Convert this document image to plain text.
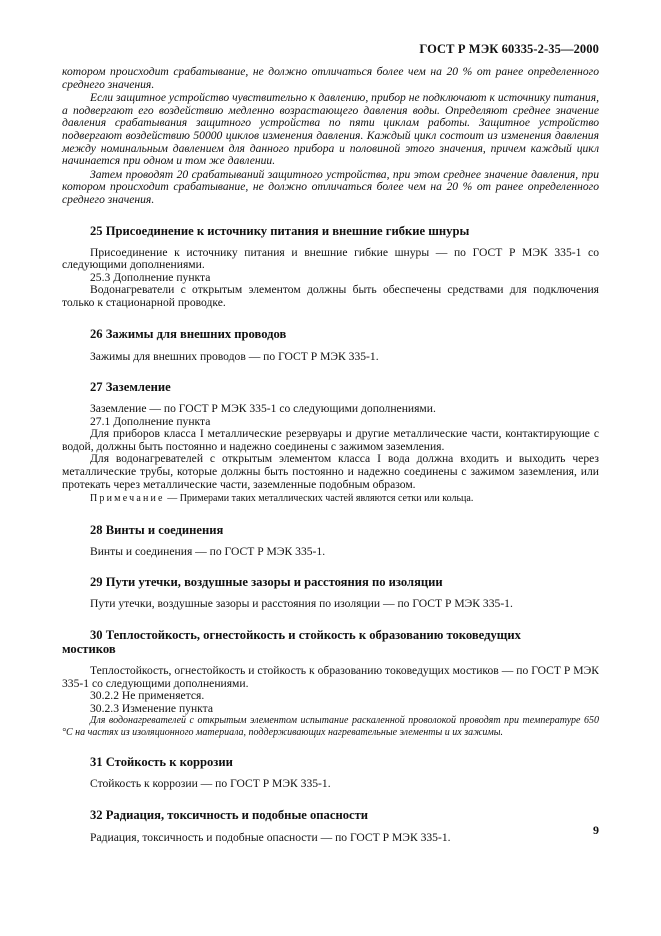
ГОСТ Р МЭК 60335-2-35—2000

котором происходит срабатывание, не должно отличаться более чем на 20 % от ранее определенного среднего значения.

Если защитное устройство чувствительно к давлению, прибор не подключают к источнику питания, а подвергают его воздействию медленно возрастающего давления воды. Определяют среднее значение давления срабатывания защитного устройства по пяти циклам работы. Защитное устройство подвергают воздействию 50000 циклов изменения давления. Каждый цикл состоит из изменения давления между номинальным давлением для данного прибора и половиной этого значения, причем каждый цикл начинается при одном и том же давлении.

Затем проводят 20 срабатываний защитного устройства, при этом среднее значение давления, при котором происходит срабатывание, не должно отличаться более чем на 20 % от ранее определенного среднего значения.

25 Присоединение к источнику питания и внешние гибкие шнуры

Присоединение к источнику питания и внешние гибкие шнуры — по ГОСТ Р МЭК 335-1 со следующими дополнениями.

25.3 Дополнение пункта

Водонагреватели с открытым элементом должны быть обеспечены средствами для подключения только к стационарной проводке.

26 Зажимы для внешних проводов

Зажимы для внешних проводов — по ГОСТ Р МЭК 335-1.

27 Заземление

Заземление — по ГОСТ Р МЭК 335-1 со следующими дополнениями.

27.1 Дополнение пункта

Для приборов класса I металлические резервуары и другие металлические части, контактирующие с водой, должны быть постоянно и надежно соединены с зажимом заземления.

Для водонагревателей с открытым элементом класса I вода должна входить и выходить через металлические трубы, которые должны быть постоянно и надежно соединены с зажимом заземления, или протекать через металлические части, заземленные подобным образом.

Примечание — Примерами таких металлических частей являются сетки или кольца.

28 Винты и соединения

Винты и соединения — по ГОСТ Р МЭК 335-1.

29 Пути утечки, воздушные зазоры и расстояния по изоляции

Пути утечки, воздушные зазоры и расстояния по изоляции — по ГОСТ Р МЭК 335-1.

30 Теплостойкость, огнестойкость и стойкость к образованию токоведущих

мостиков

Теплостойкость, огнестойкость и стойкость к образованию токоведущих мостиков — по ГОСТ Р МЭК 335-1 со следующими дополнениями.

30.2.2 Не применяется.

30.2.3 Изменение пункта

Для водонагревателей с открытым элементом испытание раскаленной проволокой проводят при температуре 650 °С на частях из изоляционного материала, поддерживающих нагревательные элементы и их зажимы.

31 Стойкость к коррозии

Стойкость к коррозии — по ГОСТ Р МЭК 335-1.

32 Радиация, токсичность и подобные опасности

Радиация, токсичность и подобные опасности — по ГОСТ Р МЭК 335-1.

9
